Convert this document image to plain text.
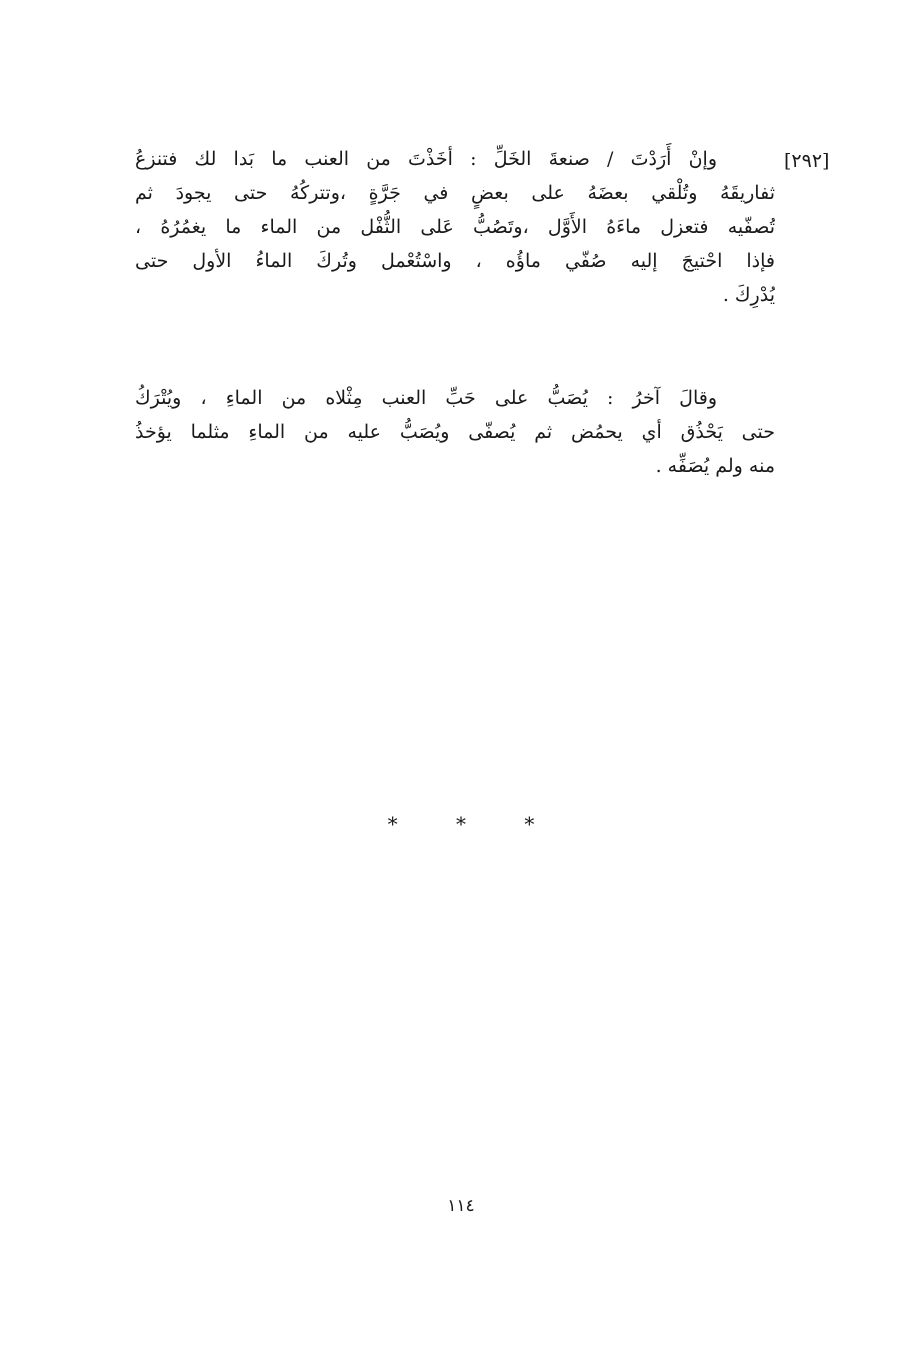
[٢٩٢]
وإنْ أَرَدْتَ / صنعةَ الخَلِّ : أخَذْتَ من العنب ما بَدا لك فتنزعُ
ثفاريقَهُ وتُلْقي بعضَهُ على بعضٍ في جَرَّةٍ ،وتتركُهُ حتى يجودَ ثم
تُصفّيه فتعزل ماءَهُ الأَوَّل ،وتَصُبُّ عَلى الثُّفْل من الماء ما يغمُرُهُ ،
فإذا احْتيجَ إليه صُفّي ماؤُه ، واسْتُعْمل وتُركَ الماءُ الأول حتى
يُدْرِكَ .
وقالَ آخرُ : يُصَبُّ على حَبِّ العنب مِثْلاه من الماءِ ، ويُتْرَكُ
حتى يَحْذُق أي يحمُض ثم يُصفّى ويُصَبُّ عليه من الماءِ مثلما يؤخذُ
منه ولم يُصَفِّه .
* * *
١١٤
